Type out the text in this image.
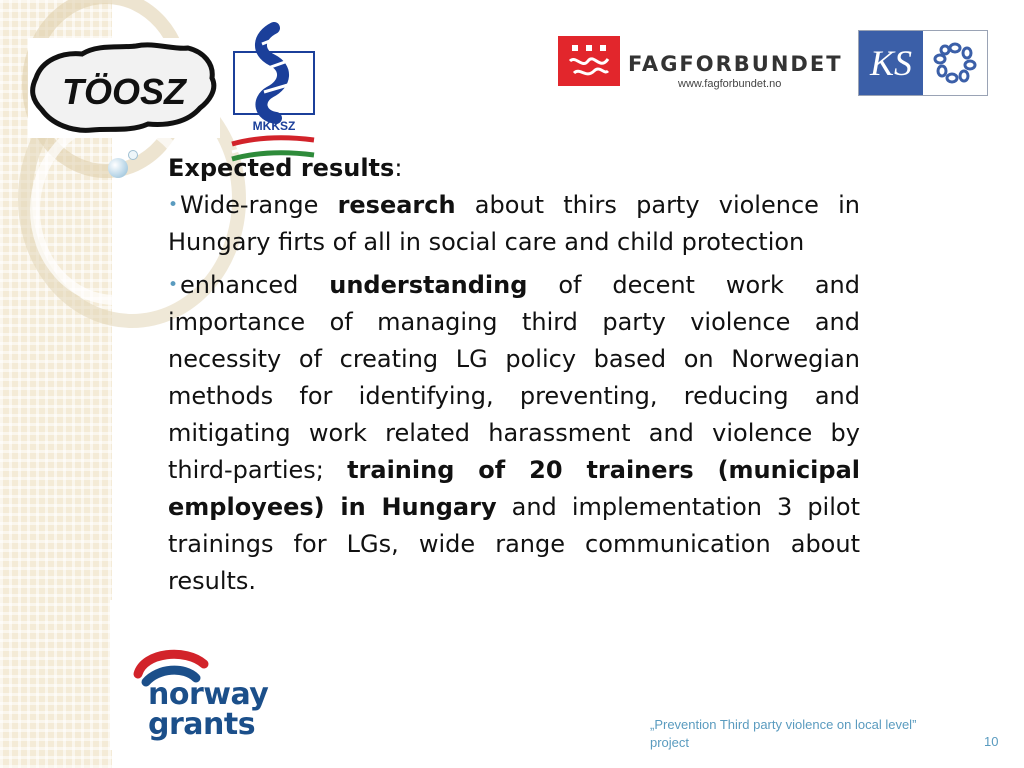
TÖOSZ
MKKSZ
FAGFORBUNDET
www.fagforbundet.no
KS

Expected results:

•Wide-range research about thirs party violence in Hungary firts of all in social care and child protection

•enhanced understanding of decent work and importance of managing third party violence and necessity of creating LG policy based on Norwegian methods for identifying, preventing, reducing and mitigating work related harassment and violence by third-parties; training of 20 trainers (municipal employees) in Hungary and implementation 3 pilot trainings for LGs, wide range communication about results.

norway
grants	„Prevention Third party violence on local level” project	10
